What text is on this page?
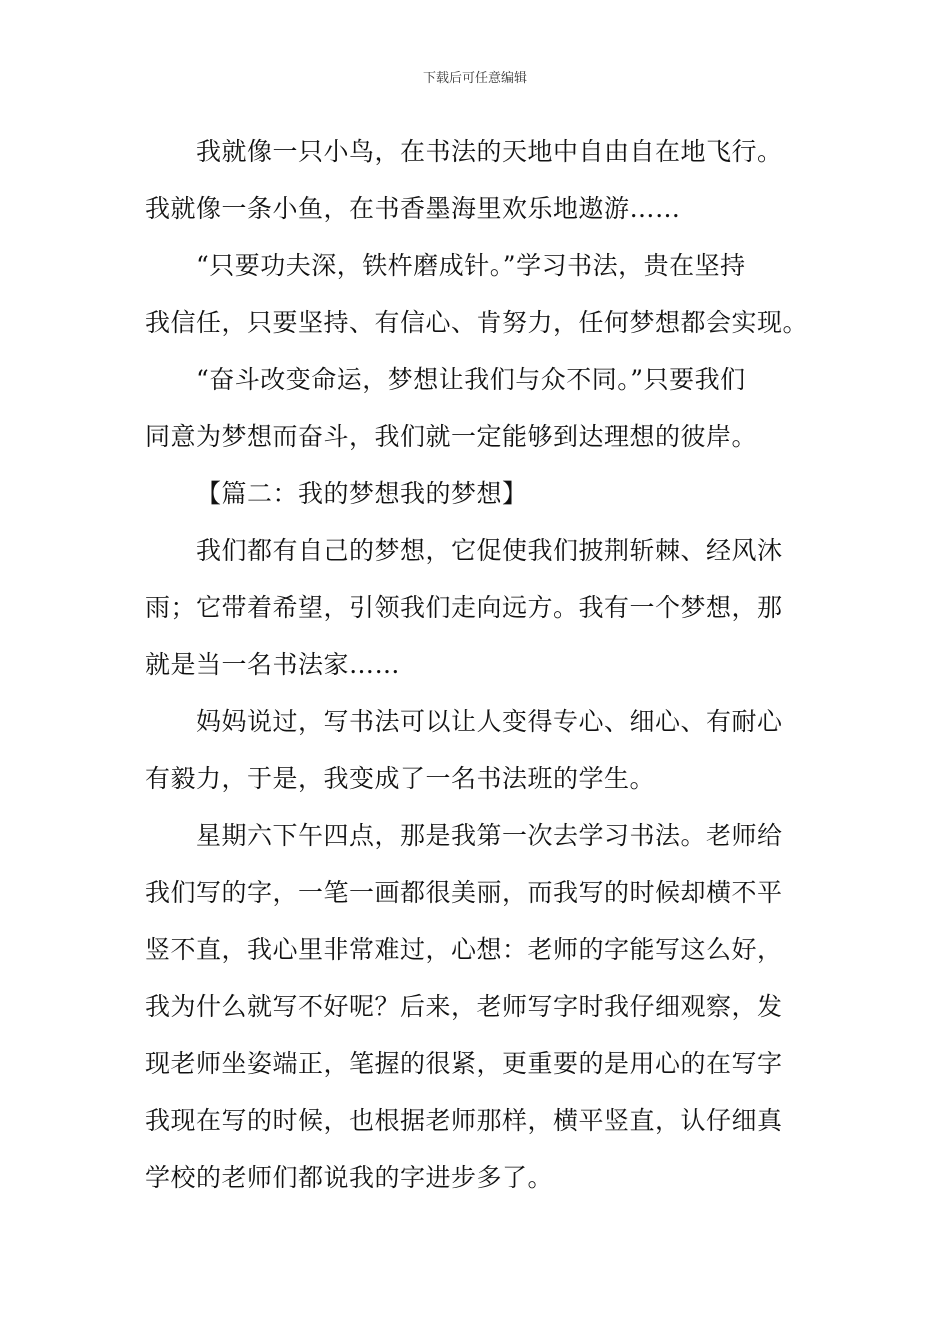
下载后可任意编辑
我就像一只小鸟，在书法的天地中自由自在地飞行。
我就像一条小鱼，在书香墨海里欢乐地遨游……
“只要功夫深，铁杵磨成针。”学习书法，贵在坚持
我信任，只要坚持、有信心、肯努力，任何梦想都会实现。
“奋斗改变命运，梦想让我们与众不同。”只要我们
同意为梦想而奋斗，我们就一定能够到达理想的彼岸。
【篇二：我的梦想我的梦想】
我们都有自己的梦想，它促使我们披荆斩棘、经风沐
雨；它带着希望，引领我们走向远方。我有一个梦想，那
就是当一名书法家……
妈妈说过，写书法可以让人变得专心、细心、有耐心
有毅力，于是，我变成了一名书法班的学生。
星期六下午四点，那是我第一次去学习书法。老师给
我们写的字，一笔一画都很美丽，而我写的时候却横不平
竖不直，我心里非常难过，心想：老师的字能写这么好，
我为什么就写不好呢？后来，老师写字时我仔细观察，发
现老师坐姿端正，笔握的很紧，更重要的是用心的在写字
我现在写的时候，也根据老师那样，横平竖直，认仔细真
学校的老师们都说我的字进步多了。
